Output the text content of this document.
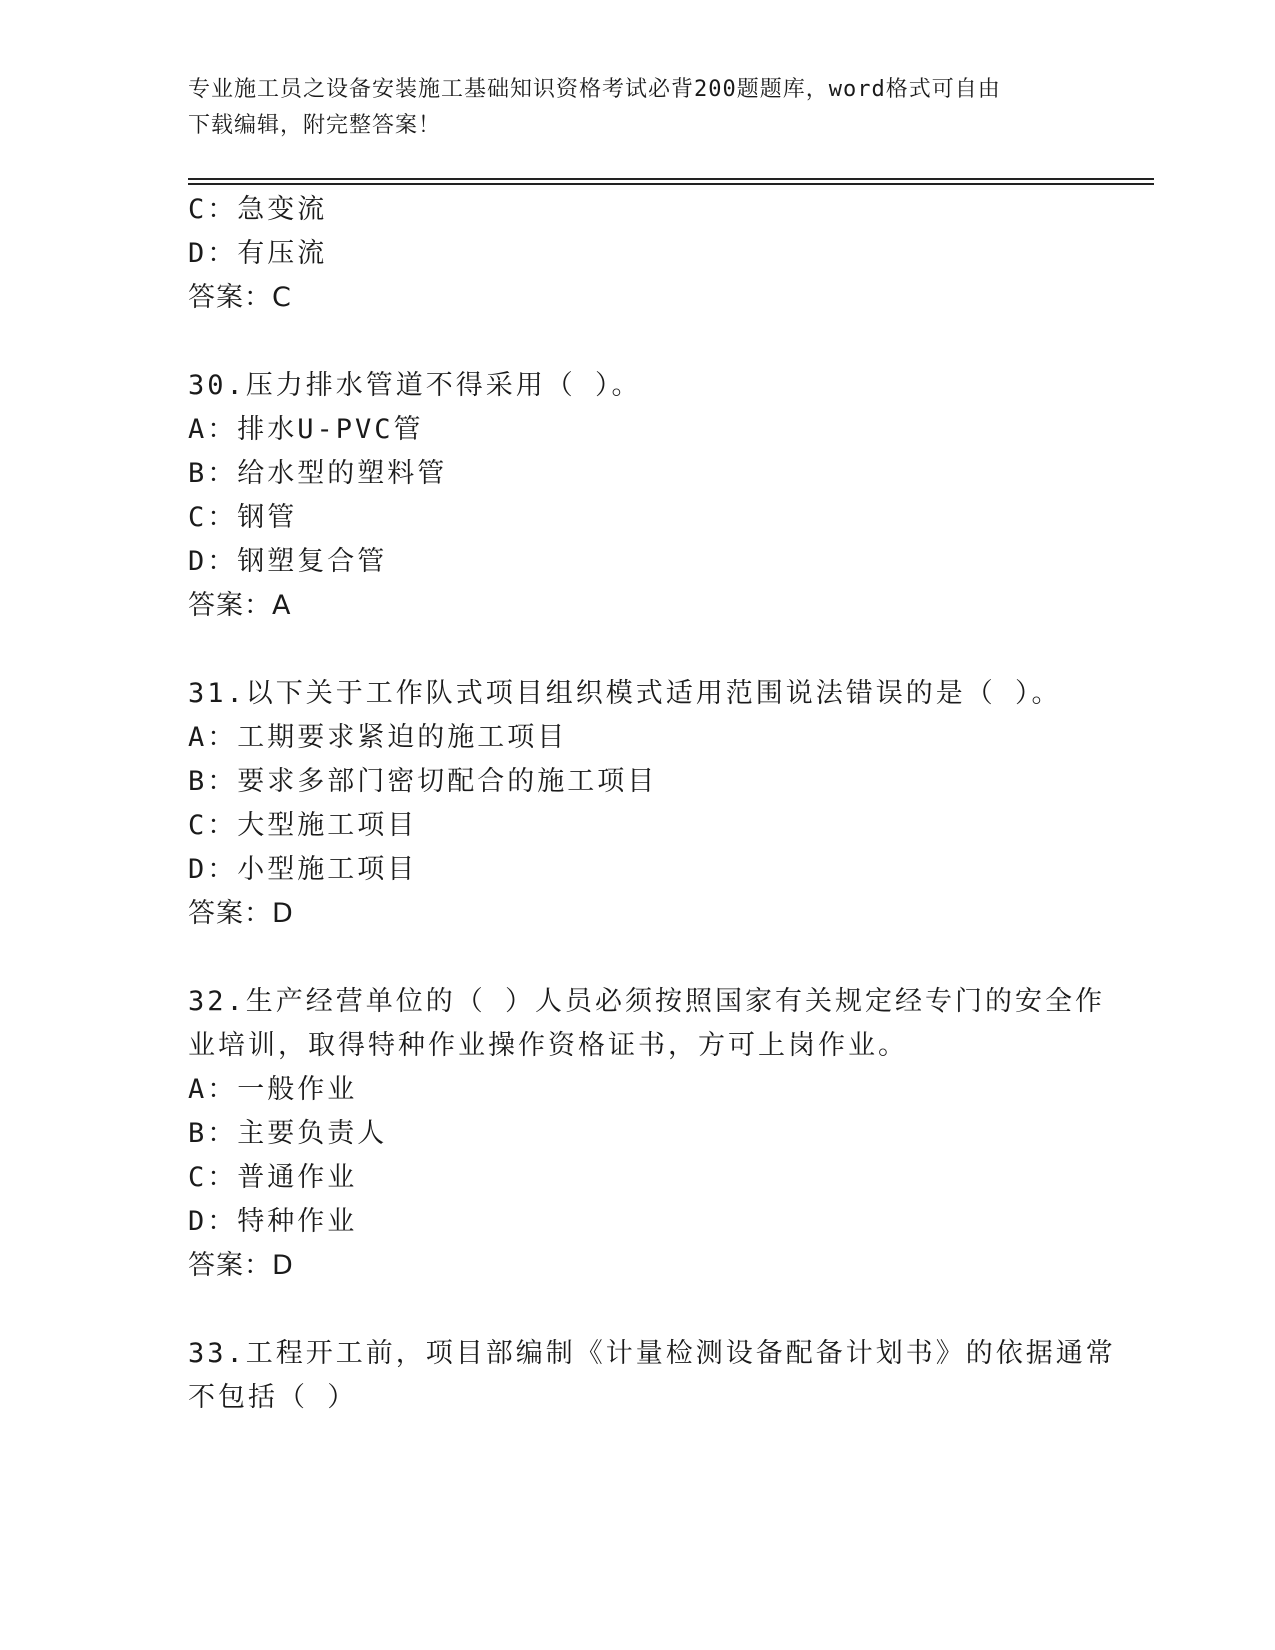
专业施工员之设备安装施工基础知识资格考试必背200题题库，word格式可自由
下载编辑，附完整答案！
C：急变流
D：有压流
答案：C
30.压力排水管道不得采用（ ）。
A：排水U-PVC管
B：给水型的塑料管
C：钢管
D：钢塑复合管
答案：A
31.以下关于工作队式项目组织模式适用范围说法错误的是（ ）。
A：工期要求紧迫的施工项目
B：要求多部门密切配合的施工项目
C：大型施工项目
D：小型施工项目
答案：D
32.生产经营单位的（ ）人员必须按照国家有关规定经专门的安全作
业培训，取得特种作业操作资格证书，方可上岗作业。
A：一般作业
B：主要负责人
C：普通作业
D：特种作业
答案：D
33.工程开工前，项目部编制《计量检测设备配备计划书》的依据通常
不包括（ ）
